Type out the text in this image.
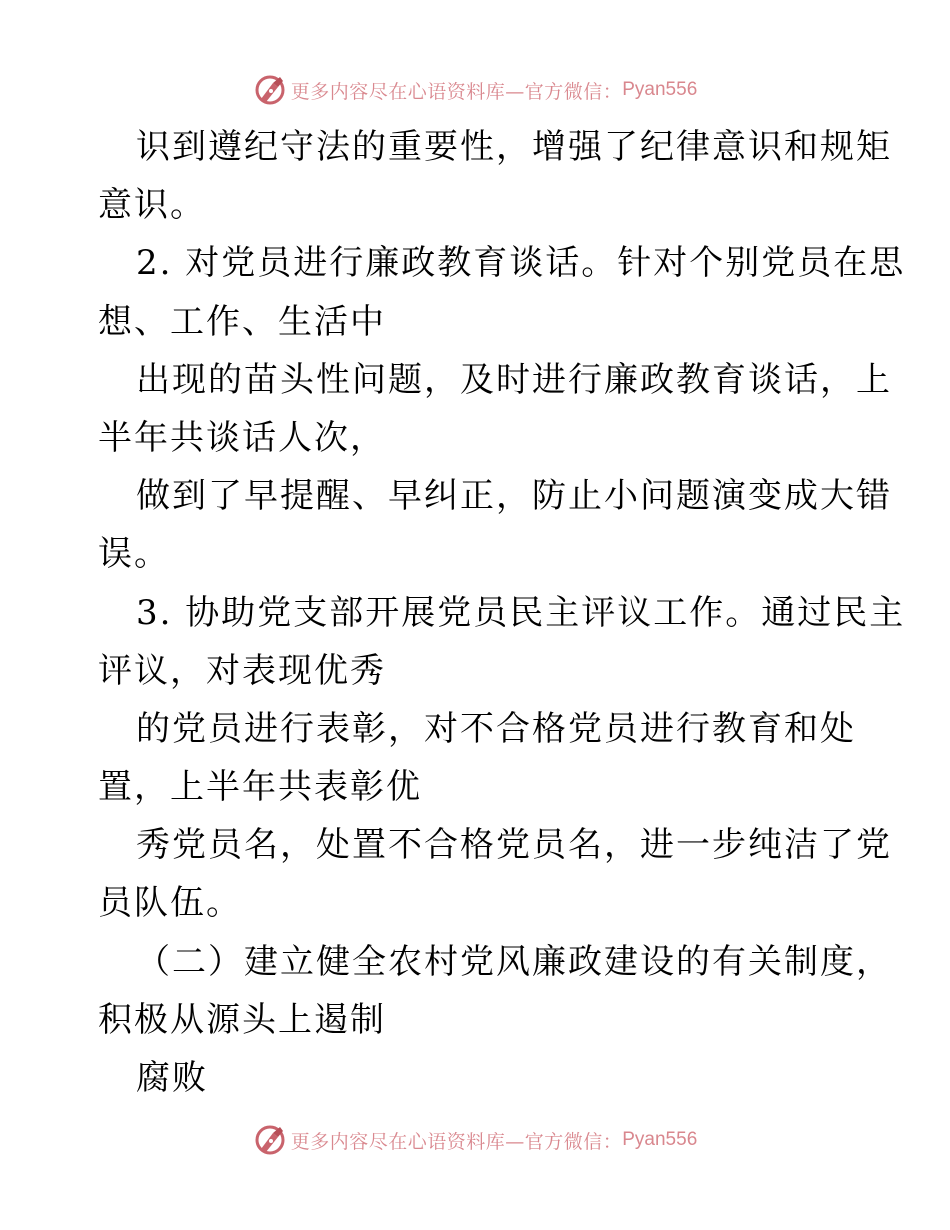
更多内容尽在心语资料库—官方微信： Pyan556
识到遵纪守法的重要性，增强了纪律意识和规矩
意识。
2. 对党员进行廉政教育谈话。针对个别党员在思
想、工作、生活中
出现的苗头性问题，及时进行廉政教育谈话，上
半年共谈话人次，
做到了早提醒、早纠正，防止小问题演变成大错
误。
3. 协助党支部开展党员民主评议工作。通过民主
评议，对表现优秀
的党员进行表彰，对不合格党员进行教育和处
置，上半年共表彰优
秀党员名，处置不合格党员名，进一步纯洁了党
员队伍。
（二）建立健全农村党风廉政建设的有关制度，
积极从源头上遏制
腐败
更多内容尽在心语资料库—官方微信： Pyan556
